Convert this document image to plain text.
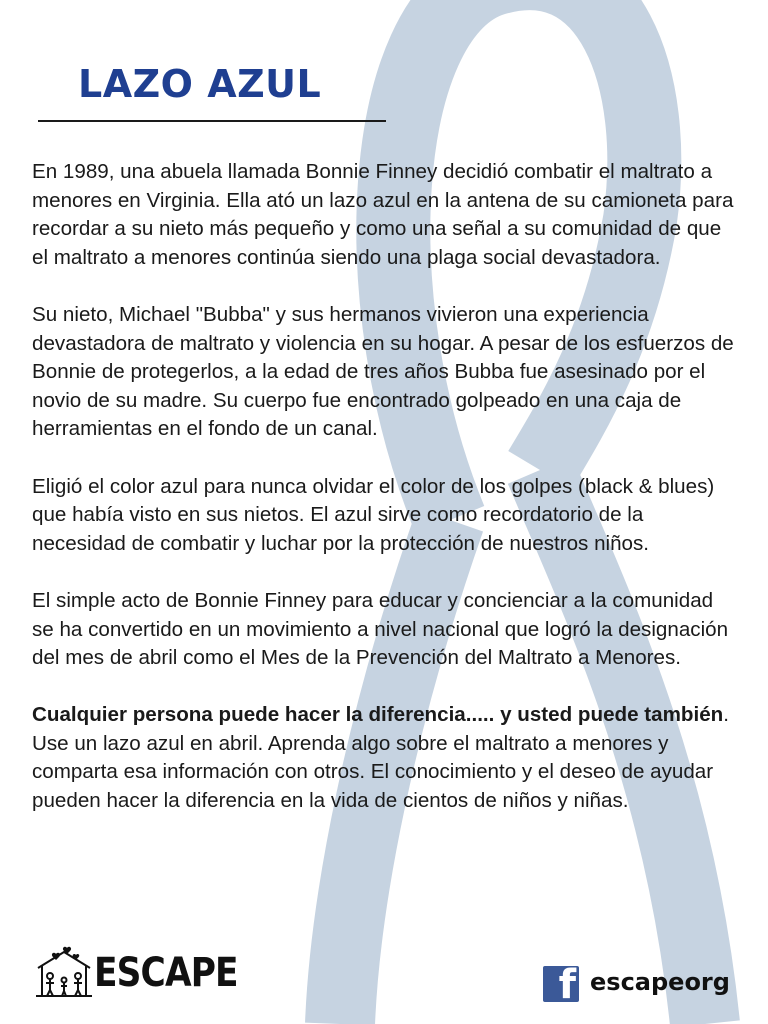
LAZO AZUL

En 1989, una abuela llamada Bonnie Finney decidió combatir el maltrato a menores en Virginia. Ella ató un lazo azul en la antena de su camioneta para recordar a su nieto más pequeño y como una señal a su comunidad de que el maltrato a menores continúa siendo una plaga social devastadora.

Su nieto, Michael "Bubba" y sus hermanos vivieron una experiencia devastadora de maltrato y violencia en su hogar. A pesar de los esfuerzos de Bonnie de protegerlos, a la edad de tres años Bubba fue asesinado por el novio de su madre. Su cuerpo fue encontrado golpeado en una caja de herramientas en el fondo de un canal.

Eligió el color azul para nunca olvidar el color de los golpes (black & blues) que había visto en sus nietos. El azul sirve como recordatorio de la necesidad de combatir y luchar por la protección de nuestros niños.

El simple acto de Bonnie Finney para educar y concienciar a la comunidad se ha convertido en un movimiento a nivel nacional que logró la designación del mes de abril como el Mes de la Prevención del Maltrato a Menores.

Cualquier persona puede hacer la diferencia..... y usted puede también. Use un lazo azul en abril. Aprenda algo sobre el maltrato a menores y comparta esa información con otros. El conocimiento y el deseo de ayudar pueden hacer la diferencia en la vida de cientos de niños y niñas.

ESCAPE	f escapeorg
